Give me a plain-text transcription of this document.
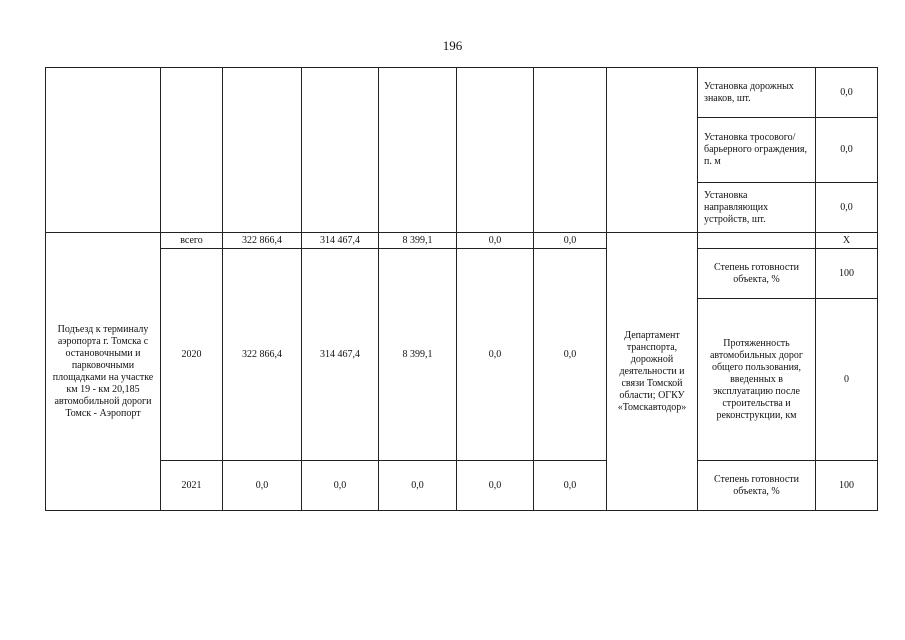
196
								Установка дорожных знаков, шт.	0,0
								Установка тросового/барьерного ограждения, п. м	0,0
								Установка направляющих устройств, шт.	0,0
Подъезд к терминалу аэропорта г. Томска с остановочными и парковочными площадками на участке км 19 - км 20,185 автомобильной дороги Томск - Аэропорт	всего	322 866,4	314 467,4	8 399,1	0,0	0,0	Департамент транспорта, дорожной деятельности и связи Томской области; ОГКУ «Томскавтодор»		Х
	2020	322 866,4	314 467,4	8 399,1	0,0	0,0		Степень готовности объекта, %	100
								Протяженность автомобильных дорог общего пользования, введенных в эксплуатацию после строительства и реконструкции, км	0
	2021	0,0	0,0	0,0	0,0	0,0		Степень готовности объекта, %	100
